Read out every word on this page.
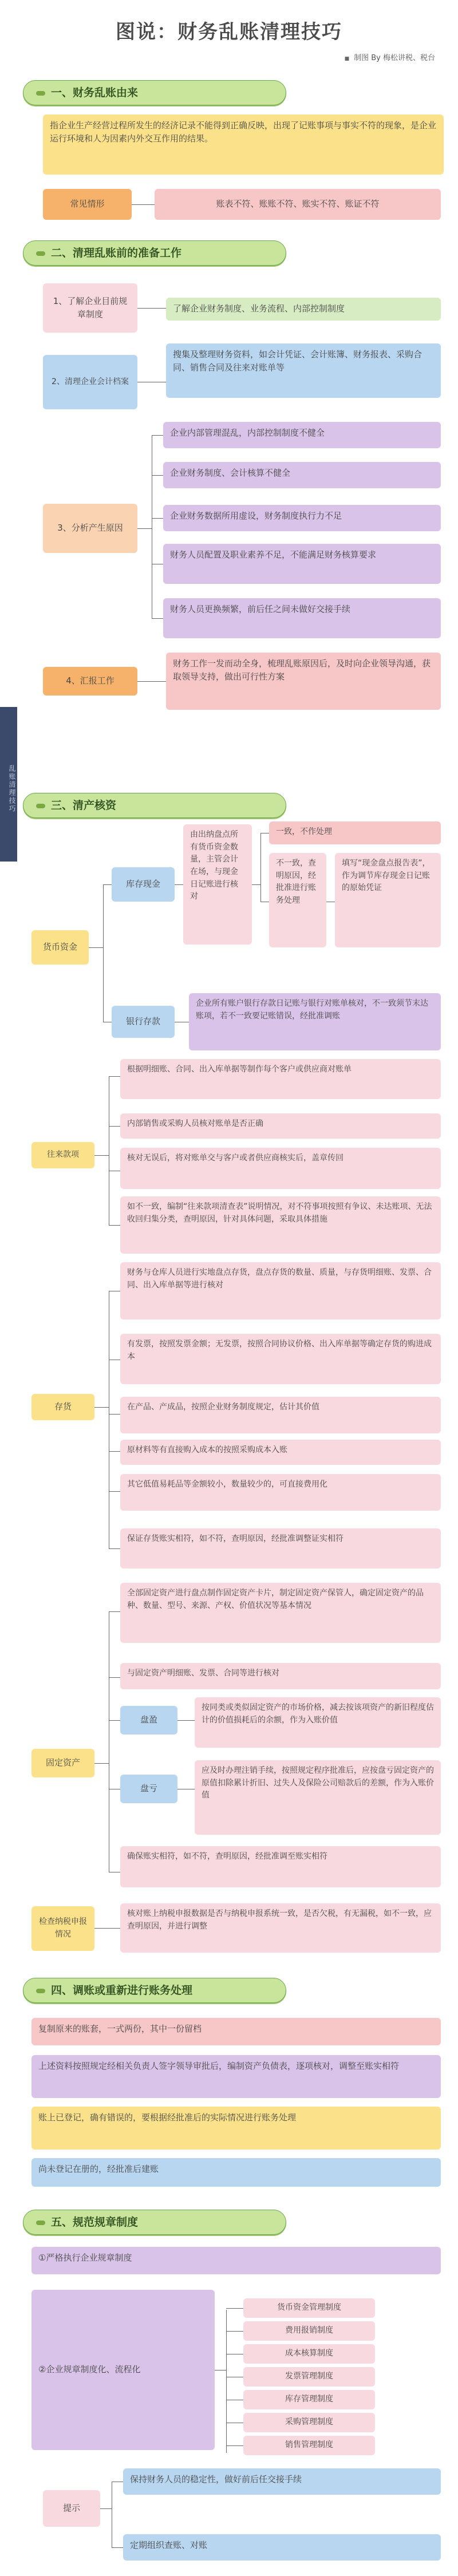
图说：财务乱账清理技巧
■ 制图 By 梅松讲税、税台
一、财务乱账由来
指企业生产经营过程所发生的经济记录不能得到正确反映，出现了记账事项与事实不符的现象，是企业运行环境和人为因素内外交互作用的结果。
常见情形	账表不符、账账不符、账实不符、账证不符
二、清理乱账前的准备工作
1、了解企业目前规章制度
了解企业财务制度、业务流程、内部控制制度
2、清理企业会计档案
搜集及整理财务资料，如会计凭证、会计账簿、财务报表、采购合同、销售合同及往来对账单等
3、分析产生原因
企业内部管理混乱，内部控制制度不健全
企业财务制度、会计核算不健全
企业财务数据所用虚设，财务制度执行力不足
财务人员配置及职业素养不足，不能满足财务核算要求
财务人员更换频繁，前后任之间未做好交接手续
4、汇报工作
财务工作一发而动全身，梳理乱账原因后，及时向企业领导沟通，获取领导支持，做出可行性方案
乱账清理技巧	三、清产核资
货币资金
库存现金
由出纳盘点所有货币资金数量，主管会计在场，与现金日记账进行核对
一致，不作处理
不一致，查明原因，经批准进行账务处理
填写“现金盘点报告表”，作为调节库存现金日记账的原始凭证
银行存款
企业所有账户银行存款日记账与银行对账单核对，不一致须节末达账项，若不一致要记账错误，经批准调账
往来款项
根据明细账、合同、出入库单据等制作每个客户或供应商对账单
内部销售或采购人员核对账单是否正确
核对无误后，将对账单交与客户或者供应商核实后，盖章传回
如不一致，编制“往来款项清查表”说明情况，对不符事项按照有争议、未达账项、无法收回归集分类，查明原因，针对具体问题，采取具体措施
存货
财务与仓库人员进行实地盘点存货，盘点存货的数量、质量，与存货明细账、发票、合同、出入库单据等进行核对
有发票，按照发票金额；无发票，按照合同协议价格、出入库单据等确定存货的购进成本
在产品、产成品，按照企业财务制度规定，估计其价值
原材料等有直接购入成本的按照采购成本入账
其它低值易耗品等金额较小，数量较少的，可直接费用化
保证存货账实相符，如不符，查明原因，经批准调整证实相符
固定资产
全部固定资产进行盘点制作固定资产卡片，制定固定资产保管人，确定固定资产的品种、数量、型号、来源、产权、价值状况等基本情况
与固定资产明细账、发票、合同等进行核对
盘盈
按同类或类似固定资产的市场价格，减去按该项资产的新旧程度估计的价值损耗后的余额，作为入账价值
盘亏
应及时办理注销手续，按照规定程序批准后，应按盘亏固定资产的原值扣除累计折旧、过失人及保险公司赔款后的差额，作为入账价值
确保账实相符，如不符，查明原因，经批准调至账实相符
检查纳税申报情况
核对账上纳税申报数据是否与纳税申报系统一致，是否欠税，有无漏税，如不一致，应查明原因，并进行调整
四、调账或重新进行账务处理
复制原来的账套，一式两份，其中一份留档
上述资料按照规定经相关负责人签字领导审批后，编制资产负债表，逐项核对，调整至账实相符
账上已登记，确有错误的，要根据经批准后的实际情况进行账务处理
尚未登记在册的，经批准后建账
五、规范规章制度
①严格执行企业规章制度
②企业规章制度化、流程化
货币资金管理制度
费用报销制度
成本核算制度
发票管理制度
库存管理制度
采购管理制度
销售管理制度
提示
保持财务人员的稳定性，做好前后任交接手续
定期组织查账、对账
